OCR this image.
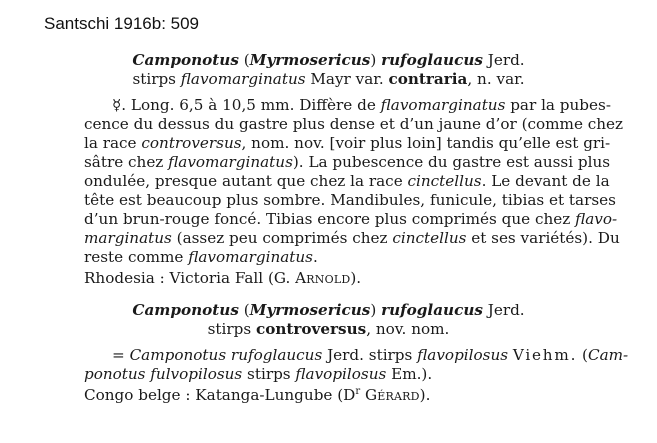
Santschi 1916b: 509
Camponotus (Myrmosericus) rufoglaucus Jerd.
stirps flavomarginatus Mayr var. contraria, n. var.
☿. Long. 6,5 à 10,5 mm. Diffère de flavomarginatus par la pubes-
cence du dessus du gastre plus dense et d’un jaune d’or (comme chez
la race controversus, nom. nov. [voir plus loin] tandis qu’elle est gri-
sâtre chez flavomarginatus). La pubescence du gastre est aussi plus
ondulée, presque autant que chez la race cinctellus. Le devant de la
tête est beaucoup plus sombre. Mandibules, funicule, tibias et tarses
d’un brun-rouge foncé. Tibias encore plus comprimés que chez flavo-
marginatus (assez peu comprimés chez cinctellus et ses variétés). Du
reste comme flavomarginatus.
Rhodesia : Victoria Fall (G. Arnold).
Camponotus (Myrmosericus) rufoglaucus Jerd.
stirps controversus, nov. nom.
= Camponotus rufoglaucus Jerd. stirps flavopilosus Viehm. (Cam-
ponotus fulvopilosus stirps flavopilosus Em.).
Congo belge : Katanga-Lungube ($D^r$ Gérard).
